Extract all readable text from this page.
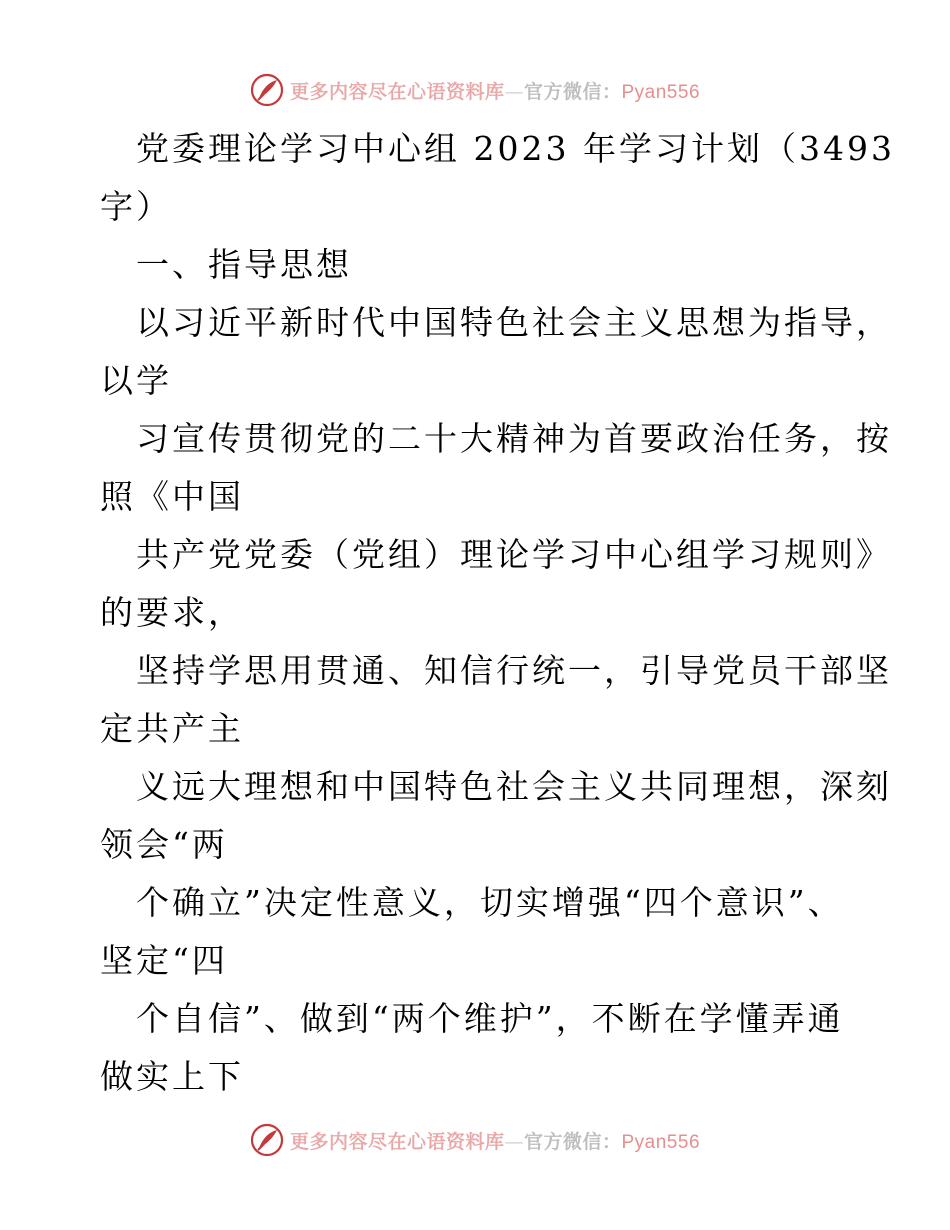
更多内容尽在心语资料库—官方微信：Pyan556
党委理论学习中心组 2023 年学习计划（3493
字）
一、指导思想
以习近平新时代中国特色社会主义思想为指导，
以学
习宣传贯彻党的二十大精神为首要政治任务，按
照《中国
共产党党委（党组）理论学习中心组学习规则》
的要求，
坚持学思用贯通、知信行统一，引导党员干部坚
定共产主
义远大理想和中国特色社会主义共同理想，深刻
领会“两
个确立”决定性意义，切实增强“四个意识”、
坚定“四
个自信”、做到“两个维护”，不断在学懂弄通
做实上下
更多内容尽在心语资料库—官方微信：Pyan556
